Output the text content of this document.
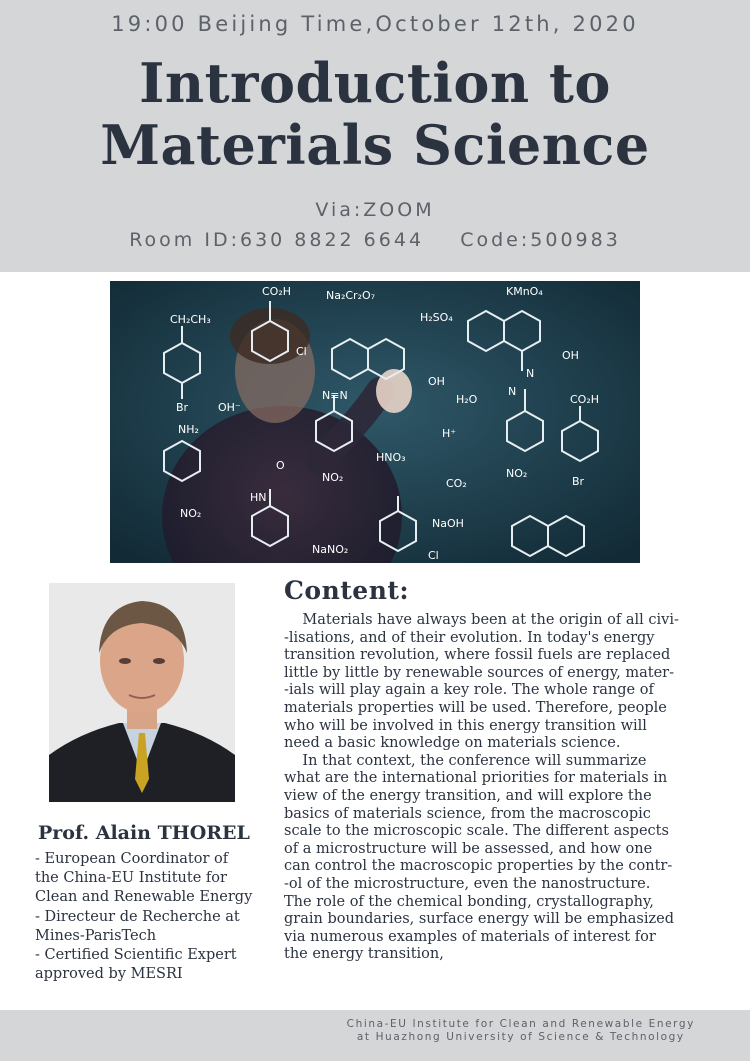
19:00 Beijing Time,October 12th, 2020
Introduction to
Materials Science
Via:ZOOM
Room ID:630 8822 6644 Code:500983
CO₂H	Na₂Cr₂O₇	KMnO₄
CH₂CH₃	H₂SO₄
Cl
OH
OH
Br	OH⁻
N≡N	H₂O
N
N
CO₂H
NH₂	H⁺
HNO₃
O
NO₂	CO₂
NO₂
Br
HN
NO₂
NaOH
NaNO₂	Cl
Prof. Alain THOREL
- European Coordinator of
the China-EU Institute for
Clean and Renewable Energy
- Directeur de Recherche at
Mines-ParisTech
- Certified Scientific Expert
approved by MESRI
Content:
Materials have always been at the origin of all civi-
-lisations, and of their evolution. In today's energy
transition revolution, where fossil fuels are replaced
little by little by renewable sources of energy, mater-
-ials will play again a key role. The whole range of
materials properties will be used. Therefore, people
who will be involved in this energy transition will
need a basic knowledge on materials science.
In that context, the conference will summarize
what are the international priorities for materials in
view of the energy transition, and will explore the
basics of materials science, from the macroscopic
scale to the microscopic scale. The different aspects
of a microstructure will be assessed, and how one
can control the macroscopic properties by the contr-
-ol of the microstructure, even the nanostructure.
The role of the chemical bonding, crystallography,
grain boundaries, surface energy will be emphasized
via numerous examples of materials of interest for
the energy transition,
China-EU Institute for Clean and Renewable Energy
at Huazhong University of Science & Technology
